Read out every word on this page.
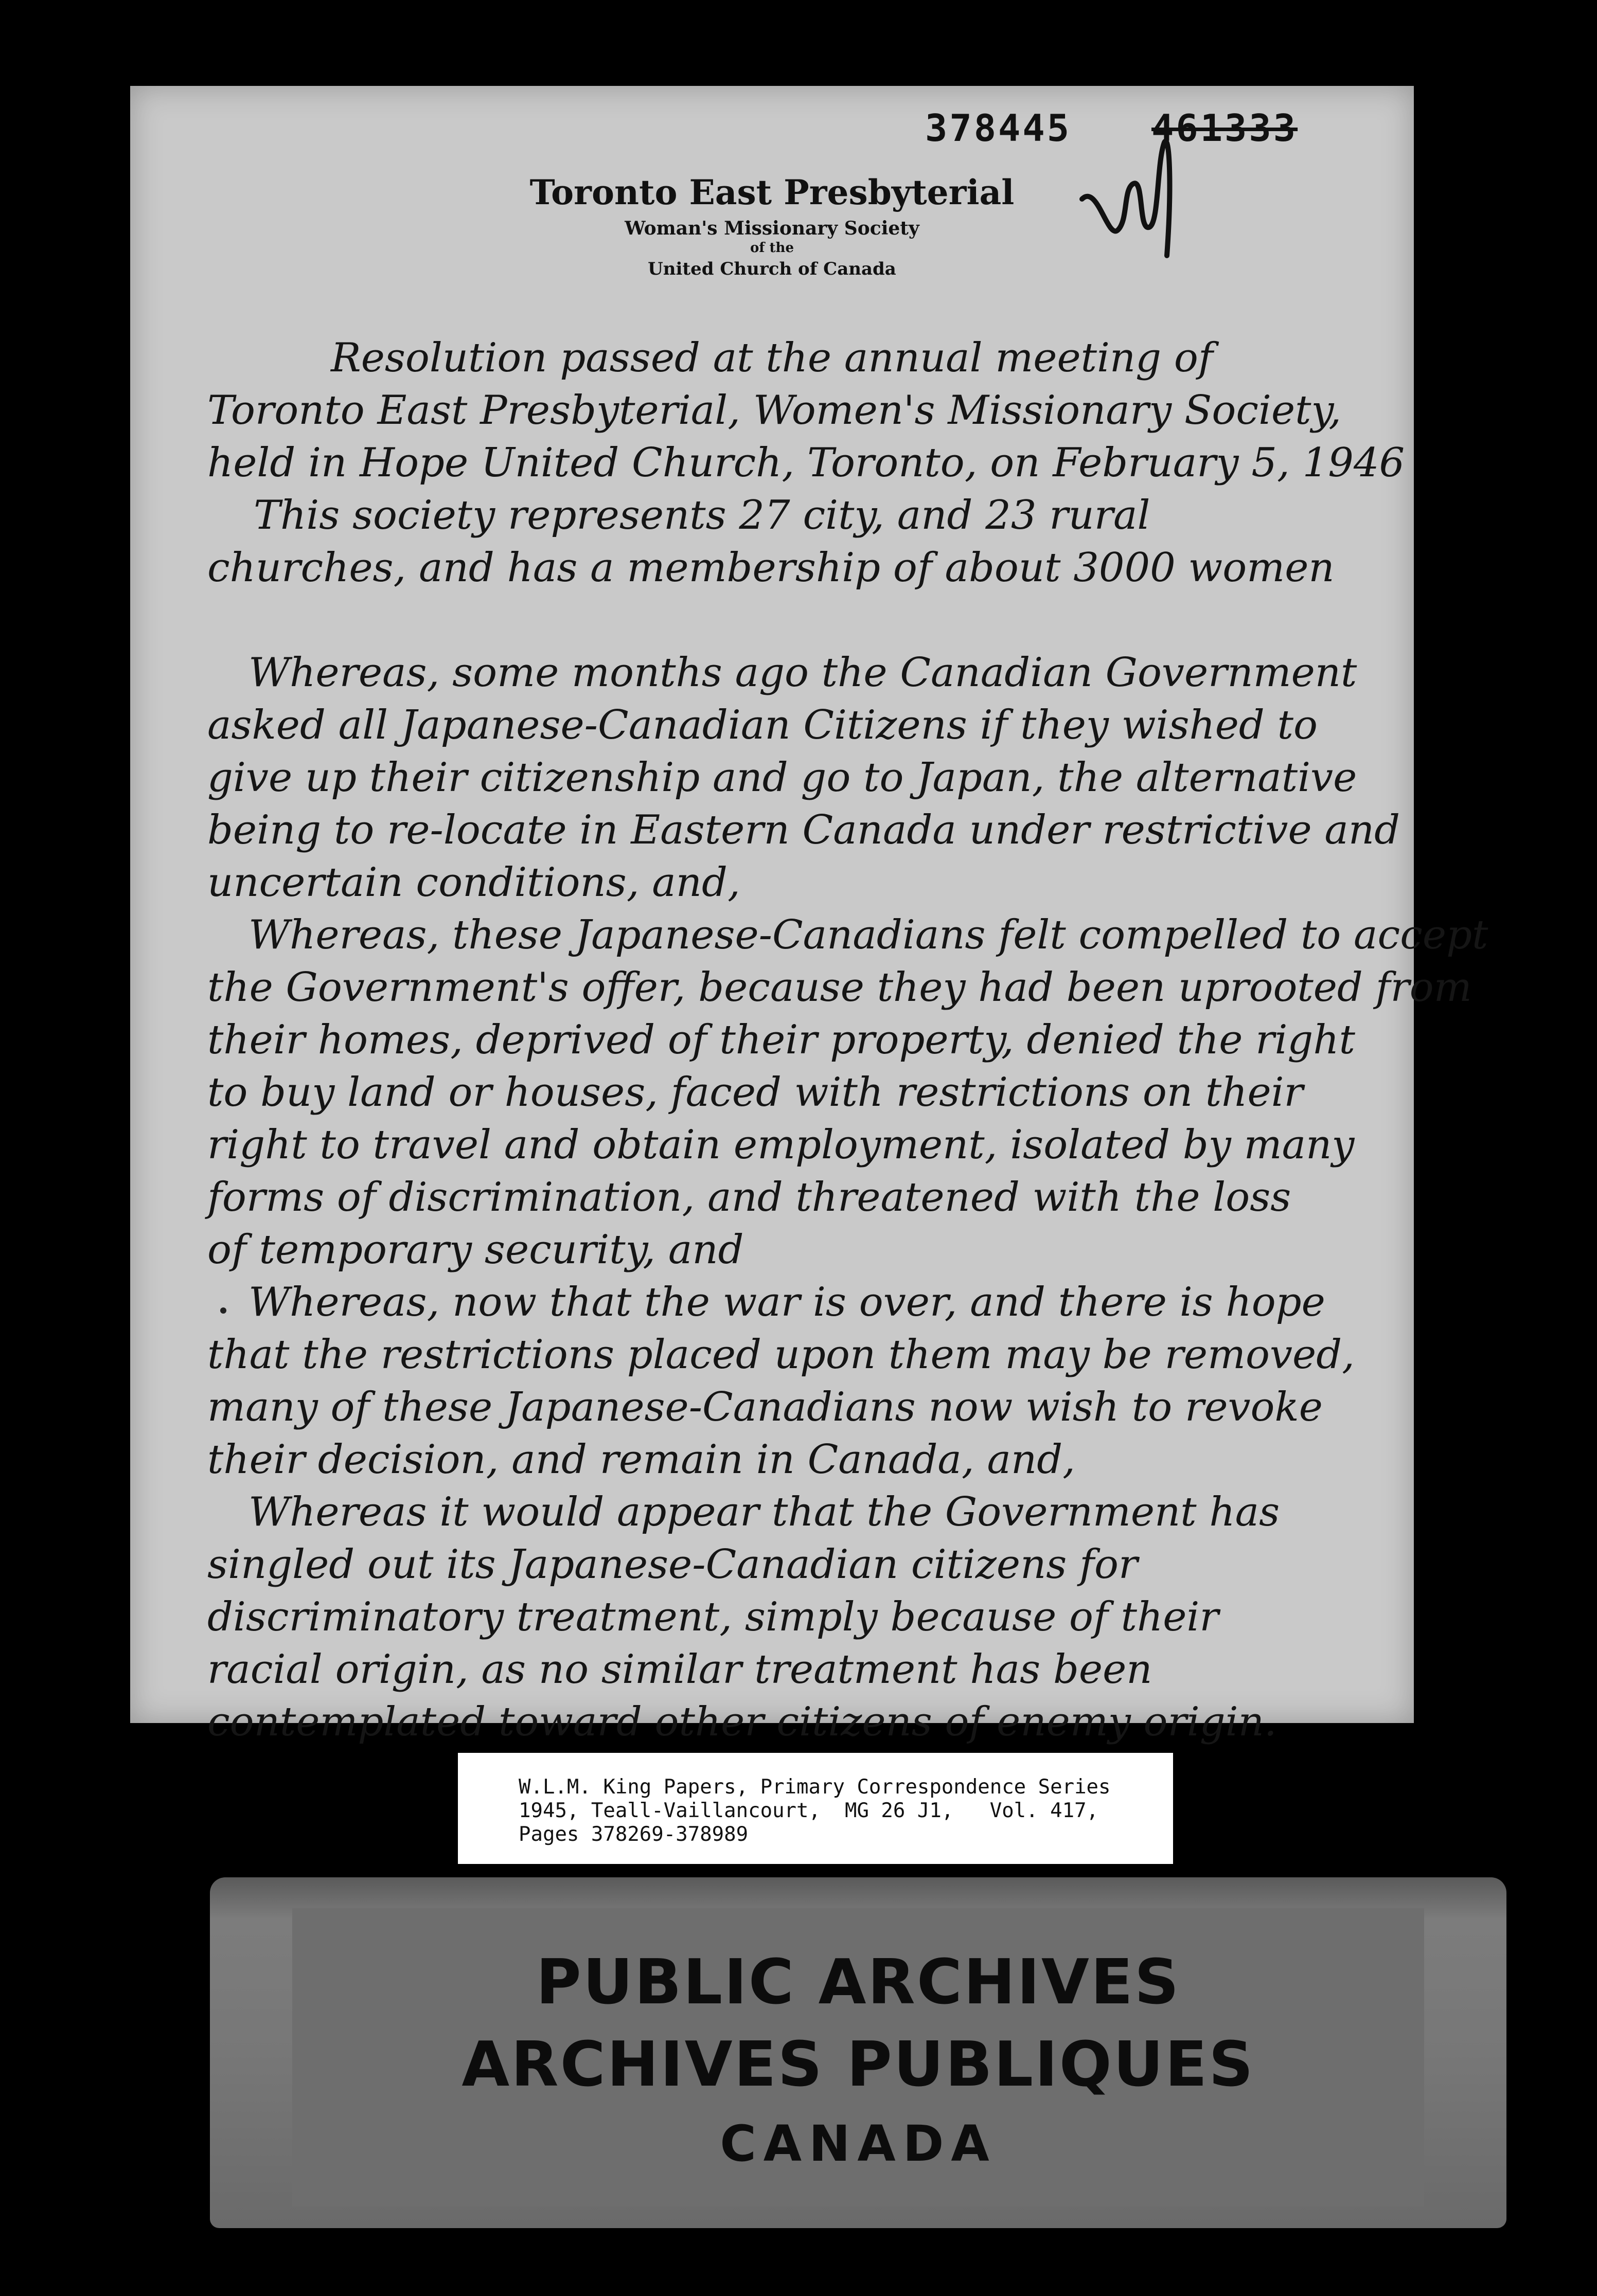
378445 461333
Toronto East Presbyterial
Woman's Missionary Society
of the
United Church of Canada
Resolution passed at the annual meeting of
Toronto East Presbyterial, Women's Missionary Society,
held in Hope United Church, Toronto, on February 5, 1946
This society represents 27 city, and 23 rural
churches, and has a membership of about 3000 women
Whereas, some months ago the Canadian Government
asked all Japanese-Canadian Citizens if they wished to
give up their citizenship and go to Japan, the alternative
being to re-locate in Eastern Canada under restrictive and
uncertain conditions, and,
Whereas, these Japanese-Canadians felt compelled to accept
the Government's offer, because they had been uprooted from
their homes, deprived of their property, denied the right
to buy land or houses, faced with restrictions on their
right to travel and obtain employment, isolated by many
forms of discrimination, and threatened with the loss
of temporary security, and
Whereas, now that the war is over, and there is hope
that the restrictions placed upon them may be removed,
many of these Japanese-Canadians now wish to revoke
their decision, and remain in Canada, and,
Whereas it would appear that the Government has
singled out its Japanese-Canadian citizens for
discriminatory treatment, simply because of their
racial origin, as no similar treatment has been
contemplated toward other citizens of enemy origin.
W.L.M. King Papers, Primary Correspondence Series
1945, Teall-Vaillancourt,  MG 26 J1,   Vol. 417,
Pages 378269-378989
PUBLIC ARCHIVES
ARCHIVES PUBLIQUES
CANADA
